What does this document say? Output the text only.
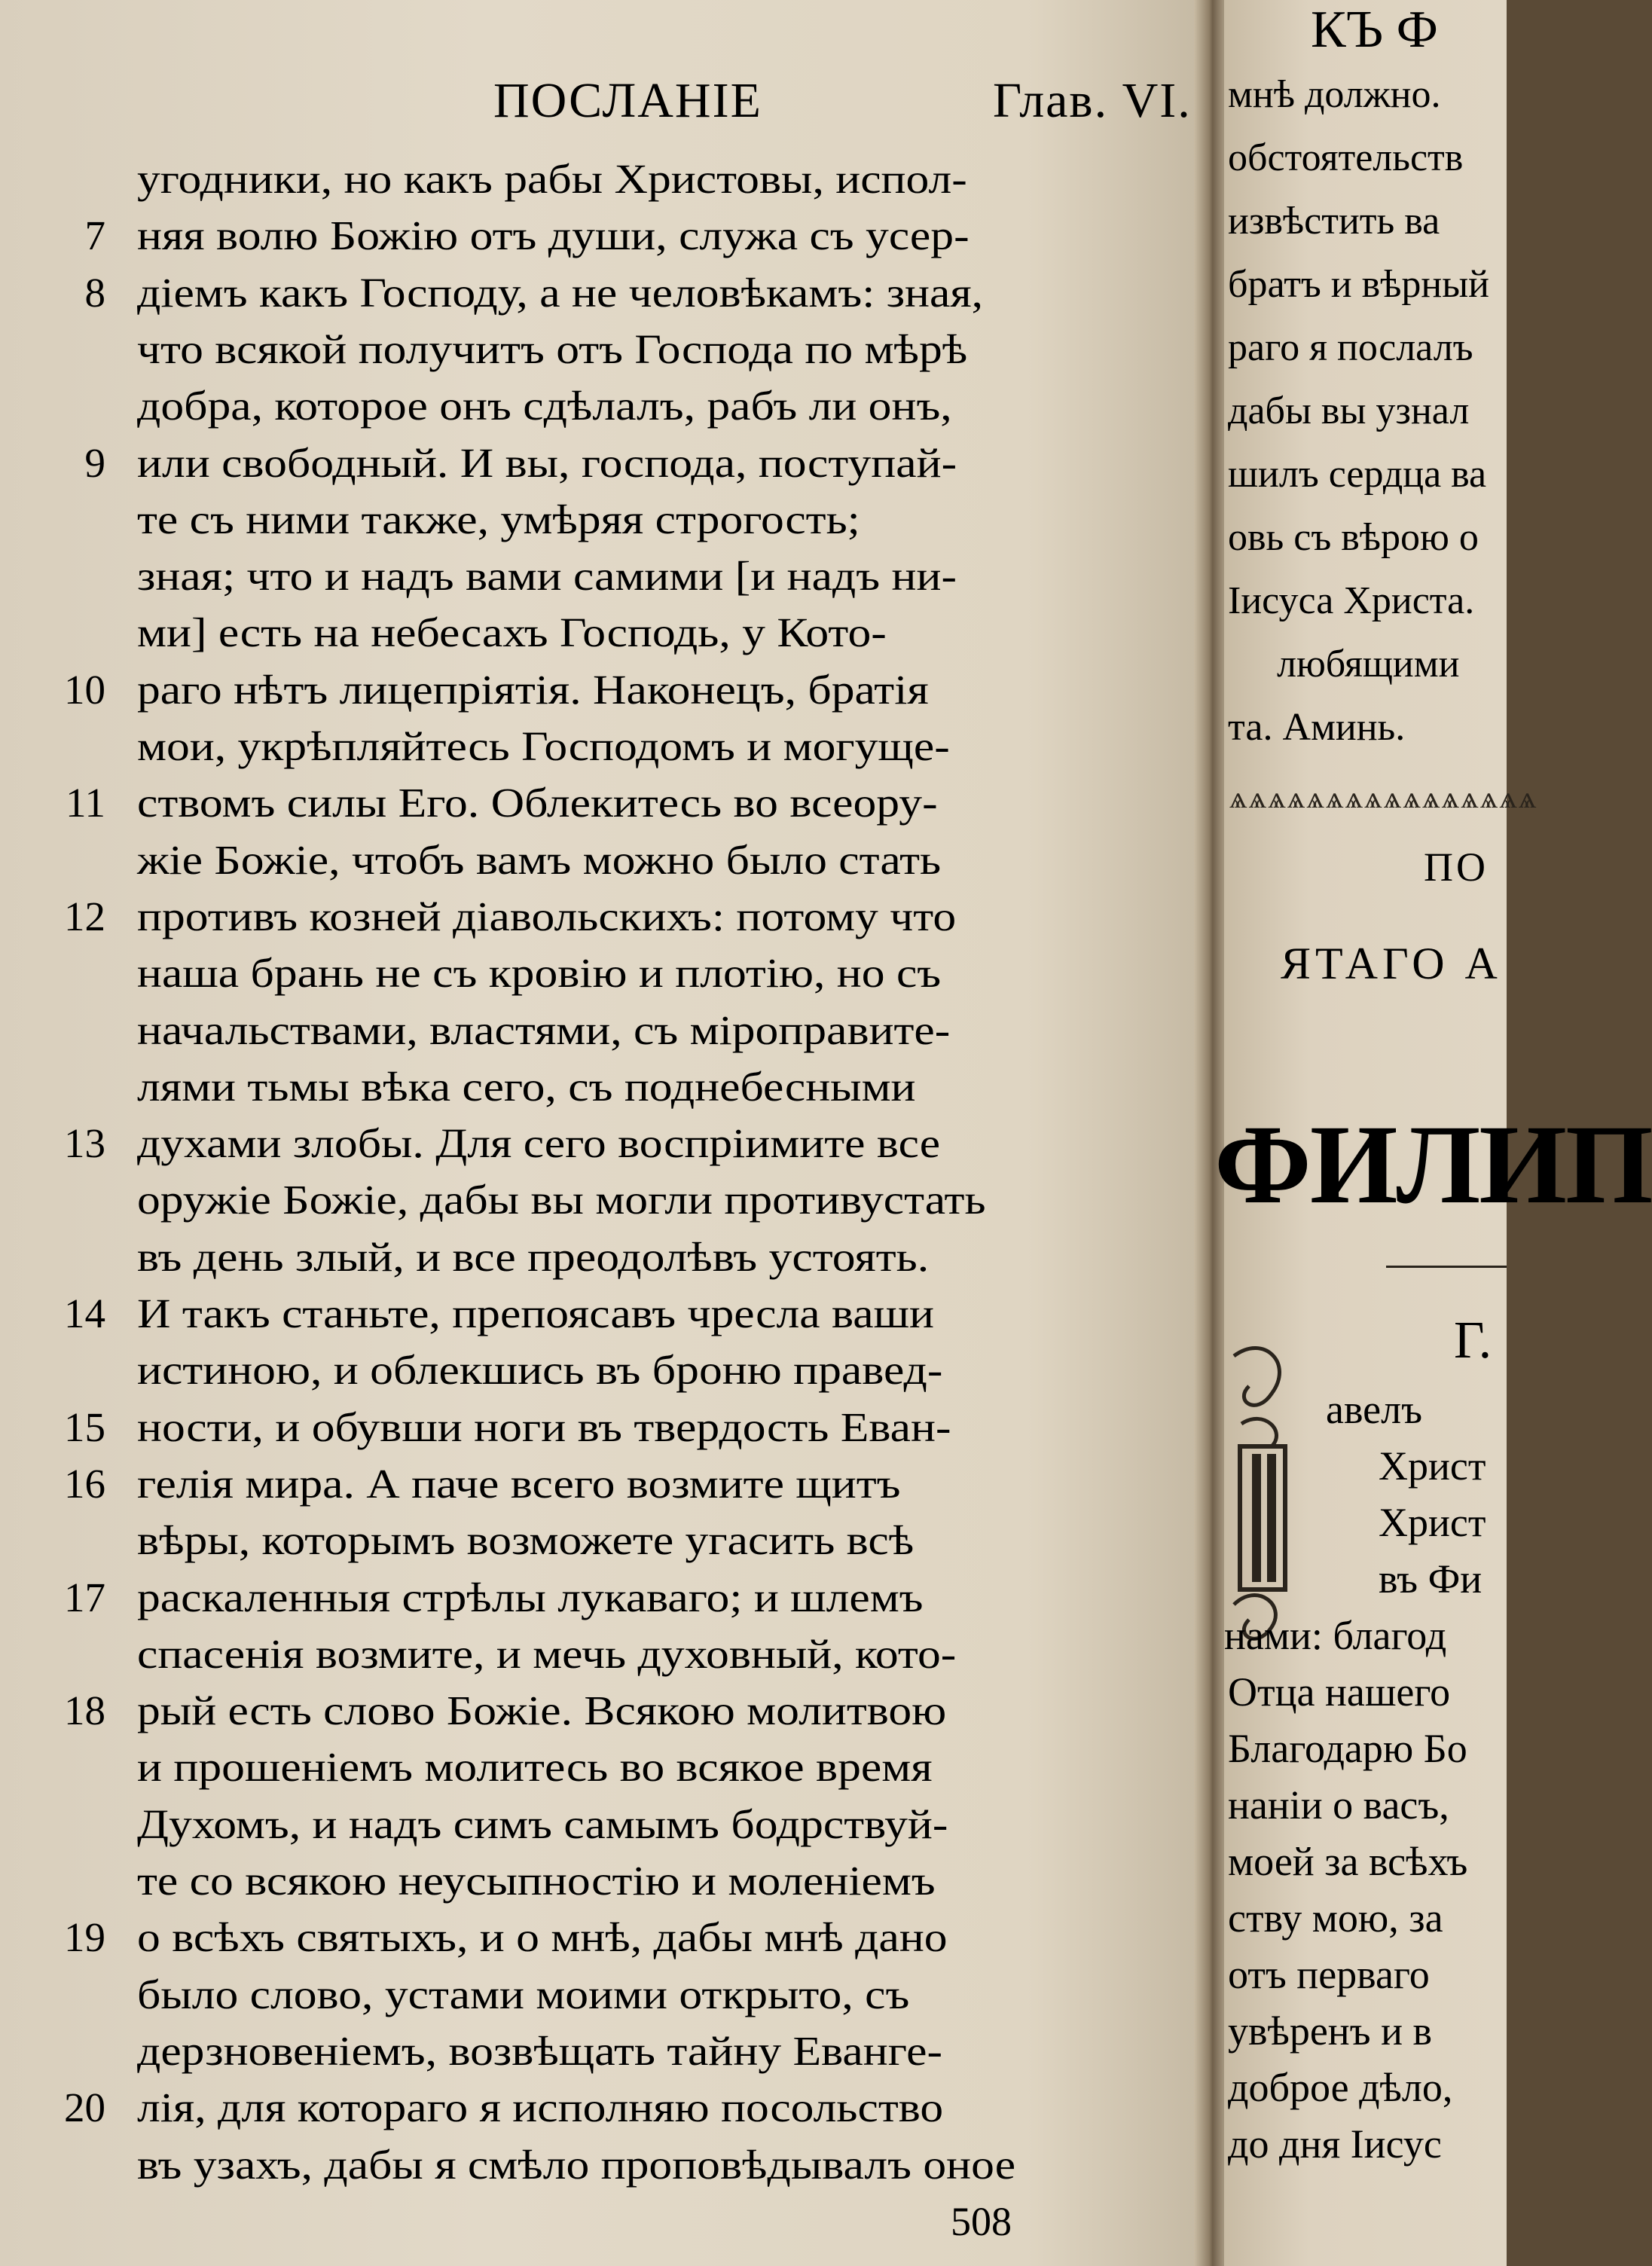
ПОСЛАНІЕ	Глав. VI.
угодники, но какъ рабы Христовы, испол-
няя волю Божію отъ души, служа съ усер-
діемъ какъ Господу, а не человѣкамъ: зная,
что всякой получитъ отъ Господа по мѣрѣ
добра, которое онъ сдѣлалъ, рабъ ли онъ,
или свободный. И вы, господа, поступай-
те съ ними также, умѣряя строгость;
зная; что и надъ вами самими [и надъ ни-
ми] есть на небесахъ Господь, у Кото-
раго нѣтъ лицепріятія. Наконецъ, братія
мои, укрѣпляйтесь Господомъ и могуще-
ствомъ силы Его. Облекитесь во всеору-
жіе Божіе, чтобъ вамъ можно было стать
противъ козней діавольскихъ: потому что
наша брань не съ кровію и плотію, но съ
начальствами, властями, съ міроправите-
лями тьмы вѣка сего, съ поднебесными
духами злобы. Для сего воспріимите все
оружіе Божіе, дабы вы могли противустать
въ день злый, и все преодолѣвъ устоять.
И такъ станьте, препоясавъ чресла ваши
истиною, и облекшись въ броню правед-
ности, и обувши ноги въ твердость Еван-
гелія мира. А паче всего возмите щитъ
вѣры, которымъ возможете угасить всѣ
раскаленныя стрѣлы лукаваго; и шлемъ
спасенія возмите, и мечь духовный, кото-
рый есть слово Божіе. Всякою молитвою
и прошеніемъ молитесь во всякое время
Духомъ, и надъ симъ самымъ бодрствуй-
те со всякою неусыпностію и моленіемъ
о всѣхъ святыхъ, и о мнѣ, дабы мнѣ дано
было слово, устами моими открыто, съ
дерзновеніемъ, возвѣщать тайну Еванге-
лія, для котораго я исполняю посольство
въ узахъ, дабы я смѣло проповѣдывалъ оное
508
КЪ Ф
мнѣ должно.
обстоятельств
извѣстить ва
братъ и вѣрный
раго я послалъ
дабы вы узнал
шилъ сердца ва
овь съ вѣрою о
Іисуса Христа.
любящими
та. Аминь.
ѧѧѧѧѧѧѧѧѧѧѧѧѧѧѧѧ
ПО
ЯТАГО А
ФИЛИП
Г.
авелъ
Христ
Христ
въ Фи
нами: благод
Отца нашего
Благодарю Бо
нанiи о васъ,
моей за всѣхъ
ству мою, за
отъ перваго
увѣренъ и в
доброе дѣло,
до дня Іисус
7
8
9
10
11
12
13
14
15
16
17
18
19
20
